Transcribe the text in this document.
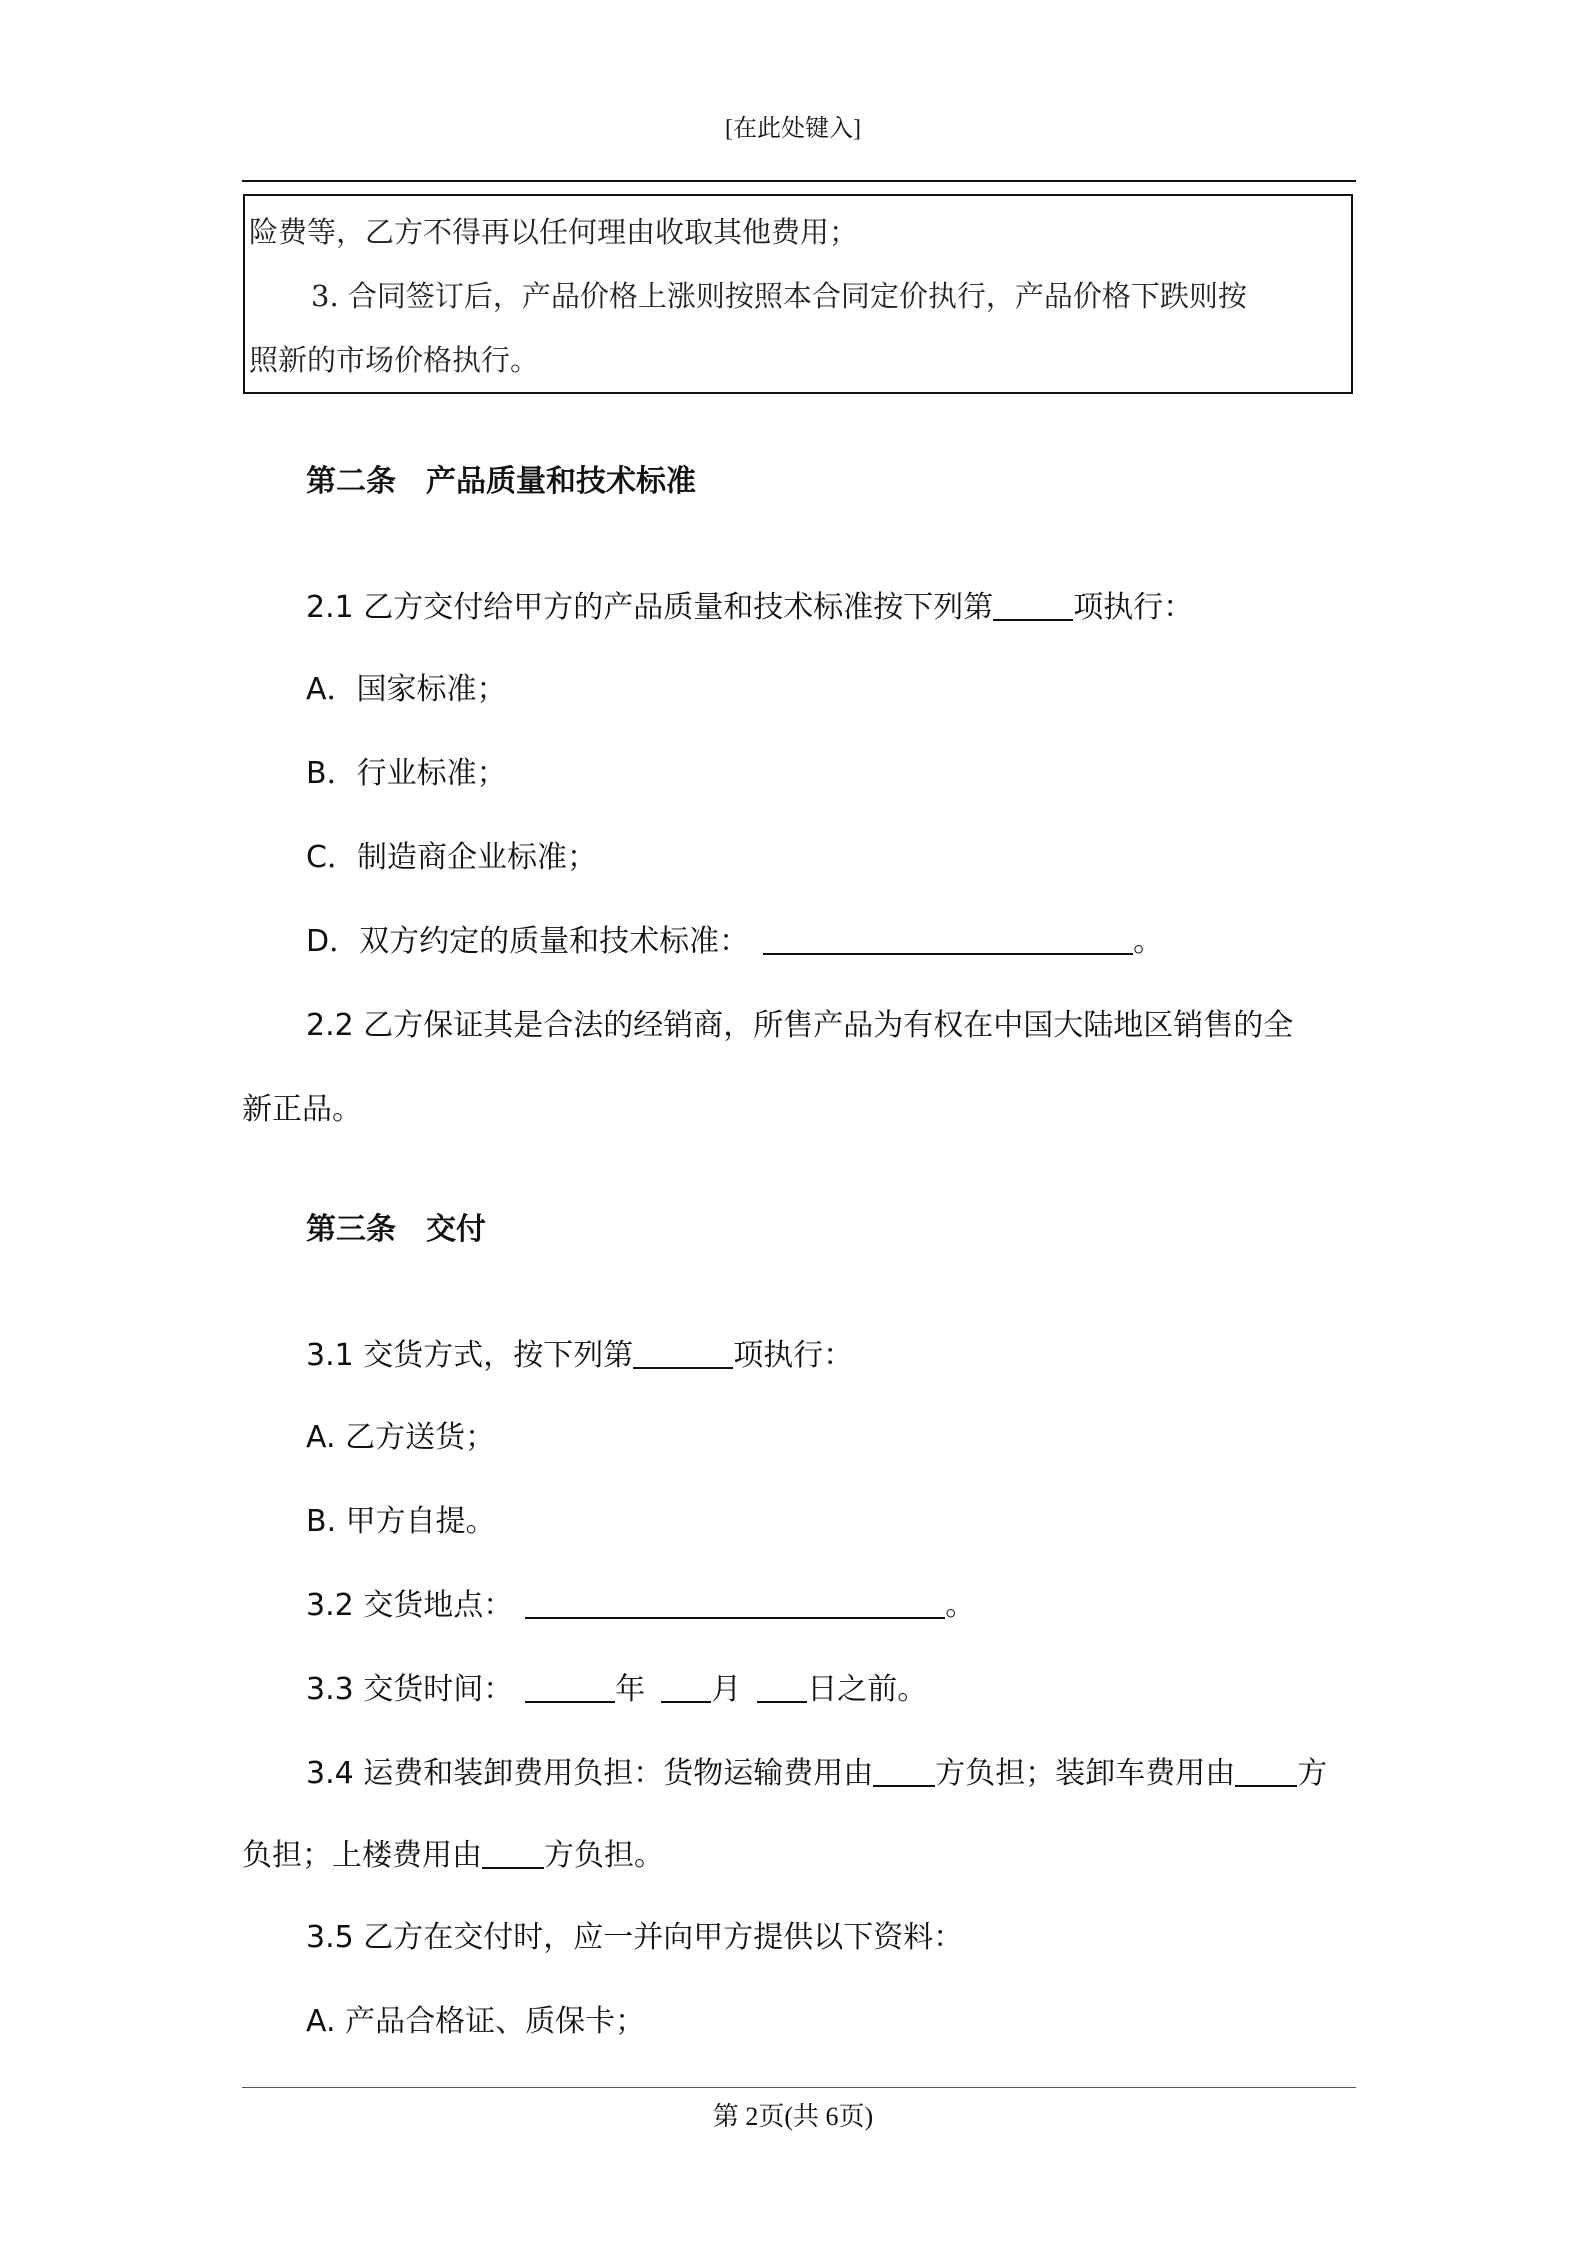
[在此处键入]
险费等，乙方不得再以任何理由收取其他费用；
3. 合同签订后，产品价格上涨则按照本合同定价执行，产品价格下跌则按
照新的市场价格执行。
第二条　产品质量和技术标准
2.1 乙方交付给甲方的产品质量和技术标准按下列第	项执行：
A．国家标准；
B．行业标准；
C．制造商企业标准；
D．双方约定的质量和技术标准：	。
2.2 乙方保证其是合法的经销商，所售产品为有权在中国大陆地区销售的全
新正品。
第三条　交付
3.1 交货方式，按下列第	项执行：
A. 乙方送货；
B. 甲方自提。
3.2 交货地点：	。
3.3 交货时间：	年 月 日之前。
3.4 运费和装卸费用负担：货物运输费用由 方负担；装卸车费用由 方
负担；上楼费用由 方负担。
3.5 乙方在交付时，应一并向甲方提供以下资料：
A. 产品合格证、质保卡；
第 2页(共 6页)
